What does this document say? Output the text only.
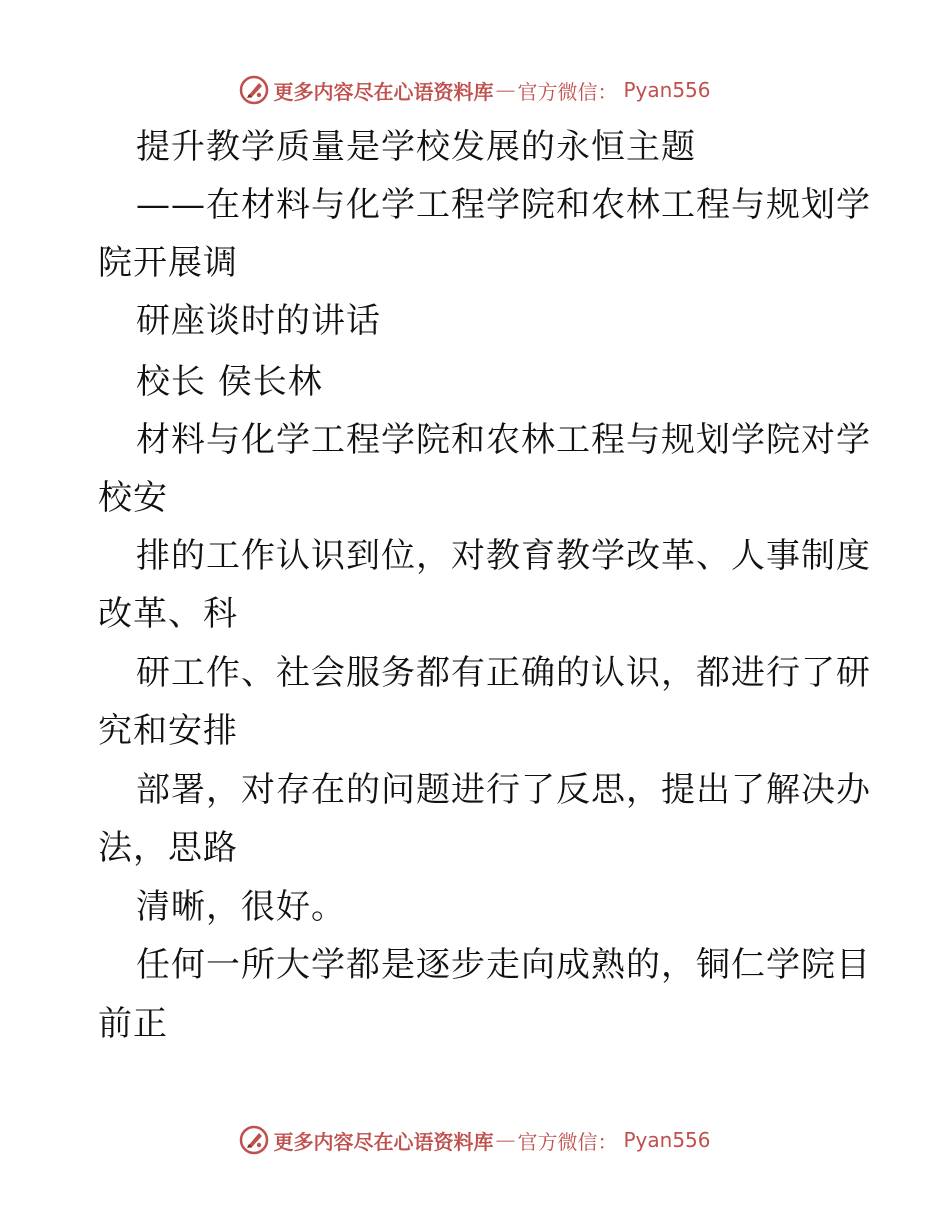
更多内容尽在心语资料库 — 官方微信 ： Pyan556
提升教学质量是学校发展的永恒主题
——在材料与化学工程学院和农林工程与规划学
院开展调
研座谈时的讲话
校长 侯长林
材料与化学工程学院和农林工程与规划学院对学
校安
排的工作认识到位，对教育教学改革、人事制度
改革、科
研工作、社会服务都有正确的认识，都进行了研
究和安排
部署，对存在的问题进行了反思，提出了解决办
法，思路
清晰，很好。
任何一所大学都是逐步走向成熟的，铜仁学院目
前正
更多内容尽在心语资料库 — 官方微信 ： Pyan556
